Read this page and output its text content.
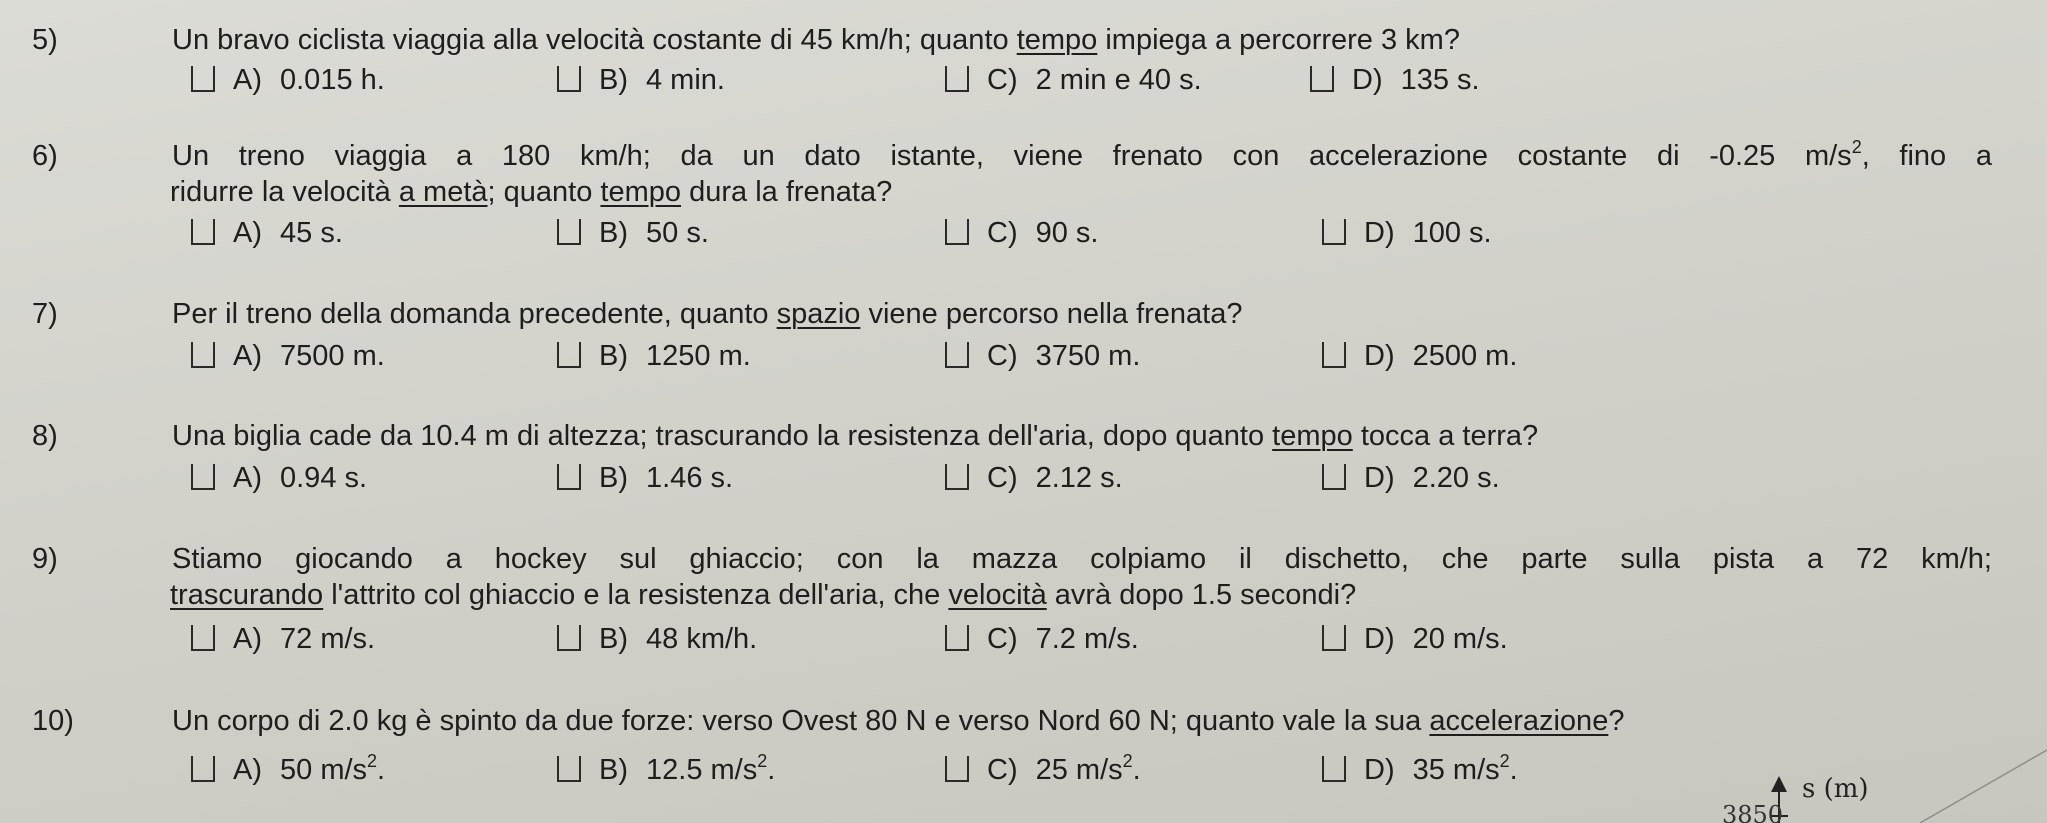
5)	Un bravo ciclista viaggia alla velocità costante di 45 km/h; quanto tempo impiega a percorrere 3 km?
A) 0.015 h.	B) 4 min.	C) 2 min e 40 s.	D) 135 s.
6)	Un treno viaggia a 180 km/h; da un dato istante, viene frenato con accelerazione costante di -0.25 $m/s^2$, fino a
ridurre la velocità a metà; quanto tempo dura la frenata?
A) 45 s.	B) 50 s.	C) 90 s.	D) 100 s.
7)	Per il treno della domanda precedente, quanto spazio viene percorso nella frenata?
A) 7500 m.	B) 1250 m.	C) 3750 m.	D) 2500 m.
8)	Una biglia cade da 10.4 m di altezza; trascurando la resistenza dell'aria, dopo quanto tempo tocca a terra?
A) 0.94 s.	B) 1.46 s.	C) 2.12 s.	D) 2.20 s.
9)	Stiamo giocando a hockey sul ghiaccio; con la mazza colpiamo il dischetto, che parte sulla pista a 72 km/h;
trascurando l'attrito col ghiaccio e la resistenza dell'aria, che velocità avrà dopo 1.5 secondi?
A) 72 m/s.	B) 48 km/h.	C) 7.2 m/s.	D) 20 m/s.
10)	Un corpo di 2.0 kg è spinto da due forze: verso Ovest 80 N e verso Nord 60 N; quanto vale la sua accelerazione?
A) 50 $m/s^2$.	B) 12.5 $m/s^2$.	C) 25 $m/s^2$.	D) 35 $m/s^2$.
3850
s (m)
